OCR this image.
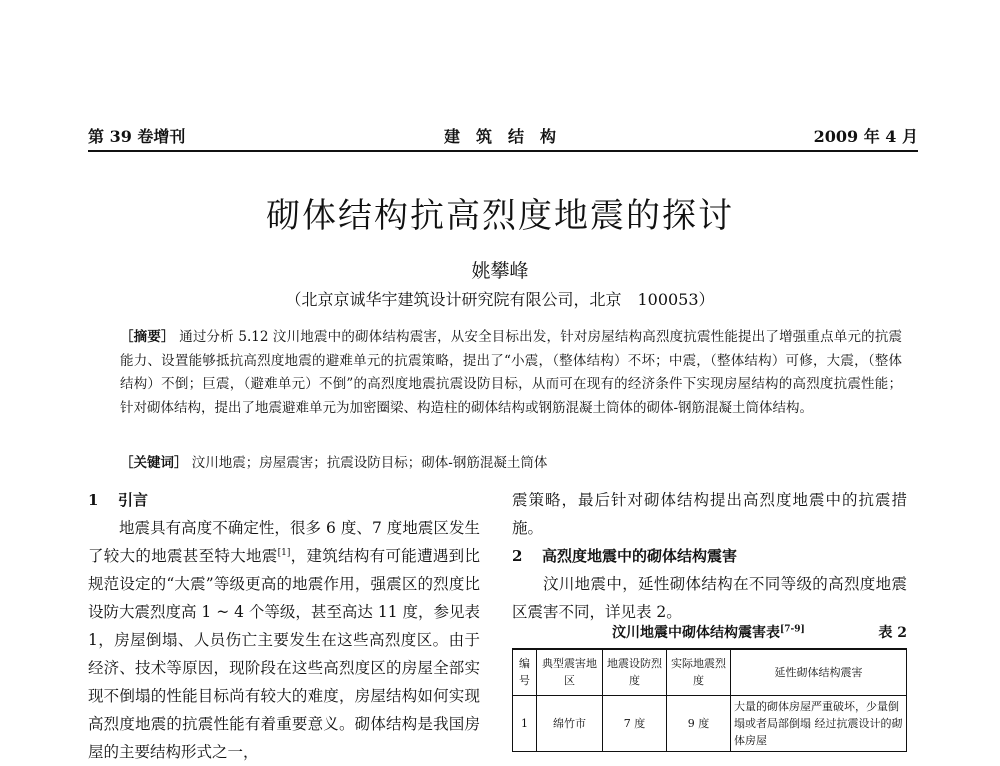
第 39 卷增刊	建　筑　结　构	2009 年 4 月
砌体结构抗高烈度地震的探讨
姚攀峰
（北京京诚华宇建筑设计研究院有限公司，北京　100053）
［摘要］ 通过分析 5.12 汶川地震中的砌体结构震害，从安全目标出发，针对房屋结构高烈度抗震性能提出了增强重点单元的抗震能力、设置能够抵抗高烈度地震的避难单元的抗震策略，提出了“小震，（整体结构）不坏；中震，（整体结构）可修，大震，（整体结构）不倒；巨震，（避难单元）不倒”的高烈度地震抗震设防目标，从而可在现有的经济条件下实现房屋结构的高烈度抗震性能；针对砌体结构，提出了地震避难单元为加密圈梁、构造柱的砌体结构或钢筋混凝土筒体的砌体-钢筋混凝土筒体结构。
［关键词］ 汶川地震；房屋震害；抗震设防目标；砌体-钢筋混凝土筒体
1 引言
地震具有高度不确定性，很多 6 度、7 度地震区发生了较大的地震甚至特大地震[1]，建筑结构有可能遭遇到比规范设定的“大震”等级更高的地震作用，强震区的烈度比设防大震烈度高 1 ~ 4 个等级，甚至高达 11 度，参见表 1，房屋倒塌、人员伤亡主要发生在这些高烈度区。由于经济、技术等原因，现阶段在这些高烈度区的房屋全部实现不倒塌的性能目标尚有较大的难度，房屋结构如何实现高烈度地震的抗震性能有着重要意义。砌体结构是我国房屋的主要结构形式之一，
震策略，最后针对砌体结构提出高烈度地震中的抗震措施。
2 高烈度地震中的砌体结构震害
汶川地震中，延性砌体结构在不同等级的高烈度地震区震害不同，详见表 2。
汶川地震中砌体结构震害表[7-9]	表 2
编号	典型震害地区	地震设防烈度	实际地震烈度	延性砌体结构震害
1	绵竹市	7 度	9 度	大量的砌体房屋严重破坏，少量倒塌或者局部倒塌 经过抗震设计的砌体房屋
